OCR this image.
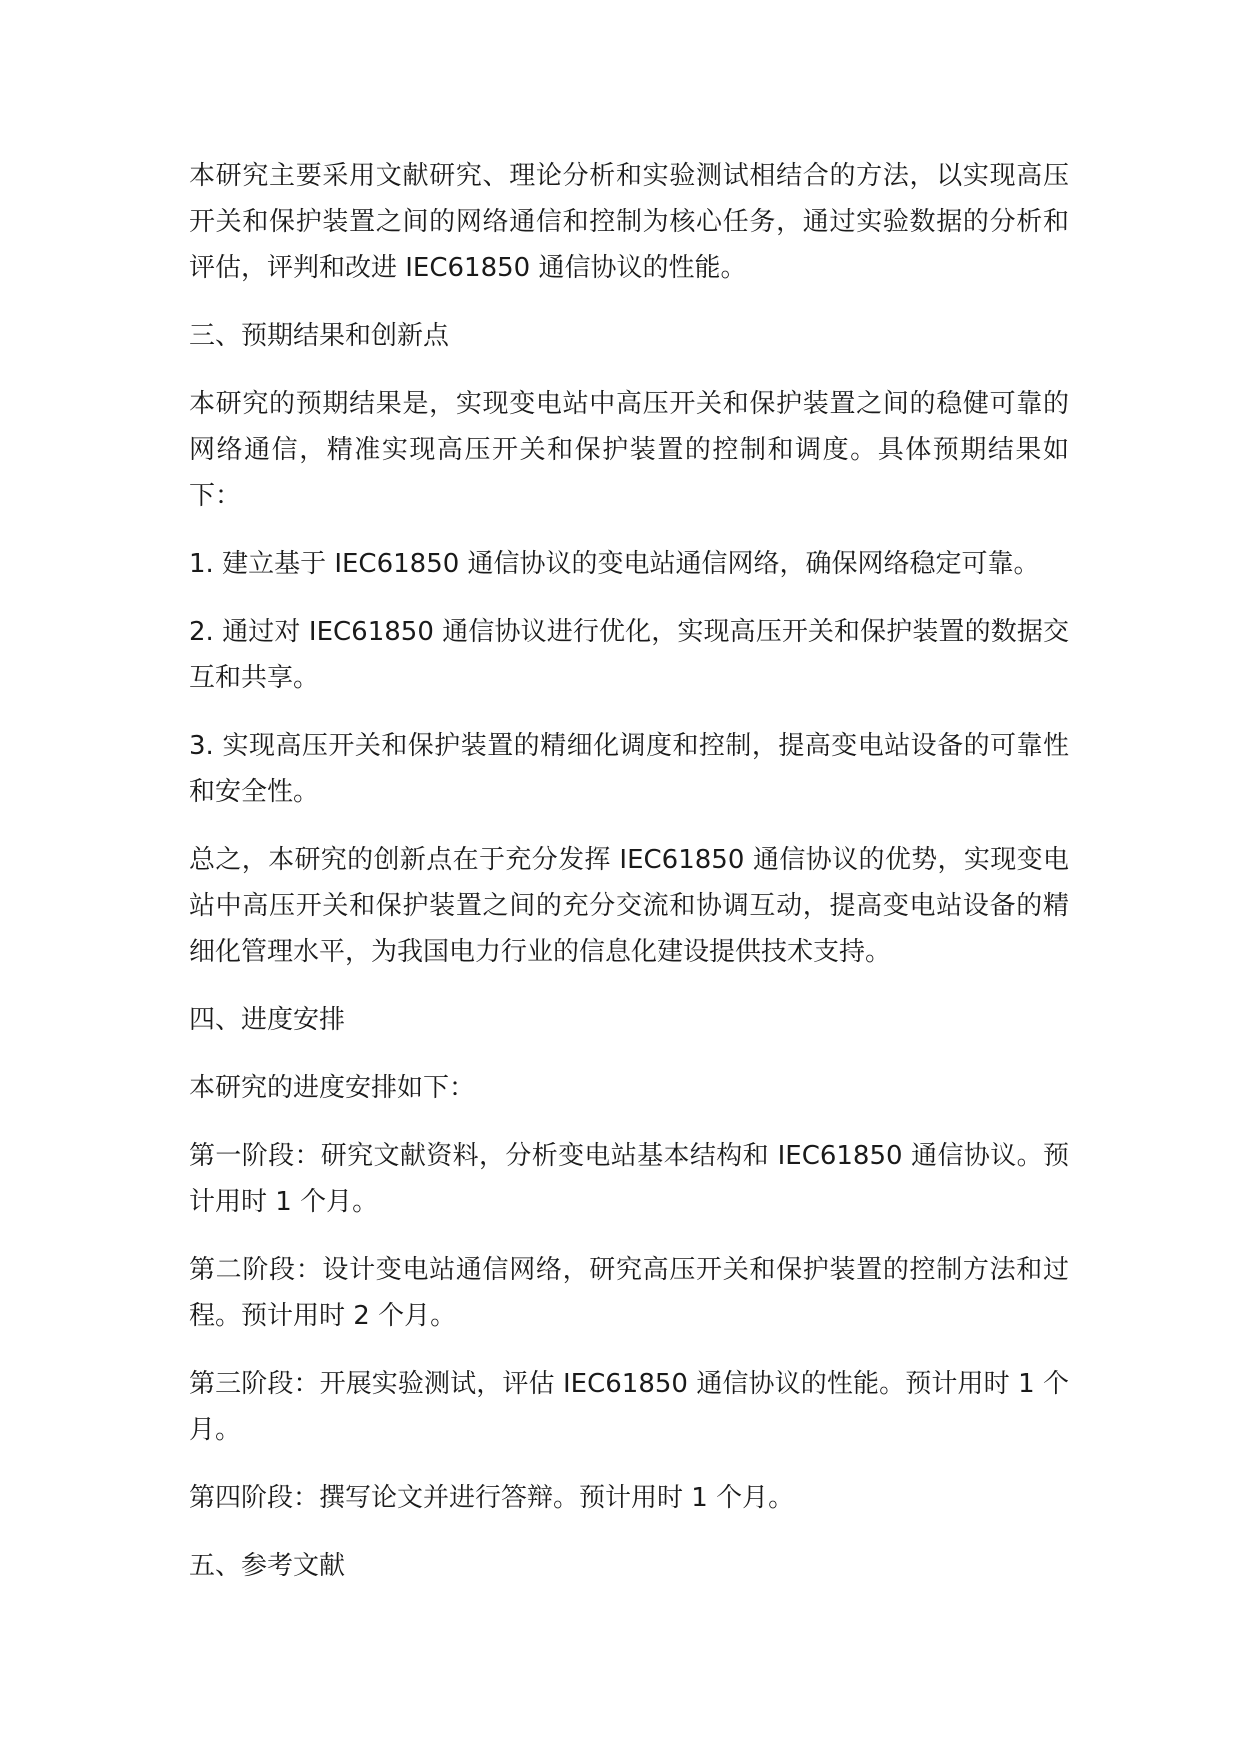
本研究主要采用文献研究、理论分析和实验测试相结合的方法，以实现高压开关和保护装置之间的网络通信和控制为核心任务，通过实验数据的分析和评估，评判和改进 IEC61850 通信协议的性能。

三、预期结果和创新点

本研究的预期结果是，实现变电站中高压开关和保护装置之间的稳健可靠的网络通信，精准实现高压开关和保护装置的控制和调度。具体预期结果如下：

1. 建立基于 IEC61850 通信协议的变电站通信网络，确保网络稳定可靠。

2. 通过对 IEC61850 通信协议进行优化，实现高压开关和保护装置的数据交互和共享。

3. 实现高压开关和保护装置的精细化调度和控制，提高变电站设备的可靠性和安全性。

总之，本研究的创新点在于充分发挥 IEC61850 通信协议的优势，实现变电站中高压开关和保护装置之间的充分交流和协调互动，提高变电站设备的精细化管理水平，为我国电力行业的信息化建设提供技术支持。

四、进度安排

本研究的进度安排如下：

第一阶段：研究文献资料，分析变电站基本结构和 IEC61850 通信协议。预计用时 1 个月。

第二阶段：设计变电站通信网络，研究高压开关和保护装置的控制方法和过程。预计用时 2 个月。

第三阶段：开展实验测试，评估 IEC61850 通信协议的性能。预计用时 1 个月。

第四阶段：撰写论文并进行答辩。预计用时 1 个月。

五、参考文献
